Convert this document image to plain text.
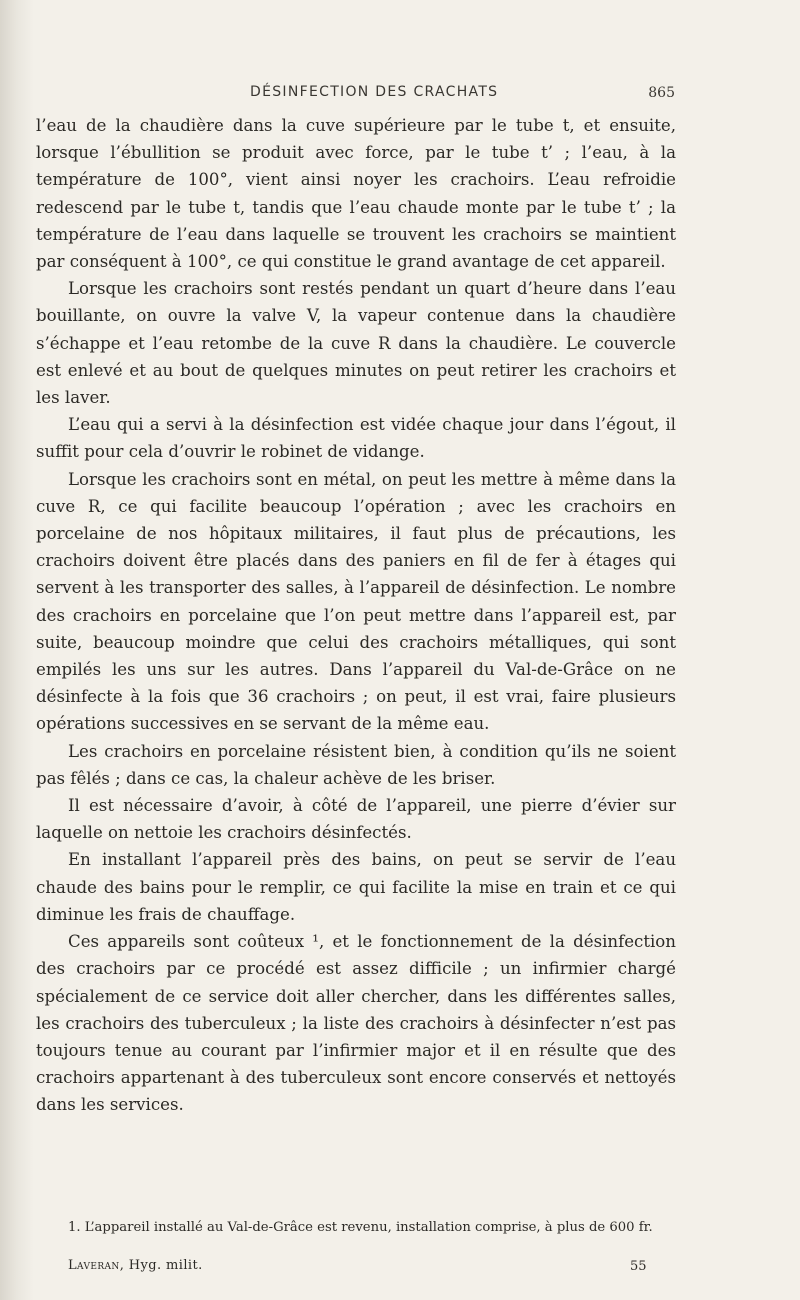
DÉSINFECTION DES CRACHATS	865

l’eau de la chaudière dans la cuve supérieure par le tube t, et ensuite, lorsque l’ébullition se produit avec force, par le tube t’ ; l’eau, à la température de 100°, vient ainsi noyer les crachoirs. L’eau refroidie redescend par le tube t, tandis que l’eau chaude monte par le tube t’ ; la température de l’eau dans laquelle se trouvent les crachoirs se maintient par conséquent à 100°, ce qui constitue le grand avantage de cet appareil.

Lorsque les crachoirs sont restés pendant un quart d’heure dans l’eau bouillante, on ouvre la valve V, la vapeur contenue dans la chaudière s’échappe et l’eau retombe de la cuve R dans la chaudière. Le couvercle est enlevé et au bout de quelques minutes on peut retirer les crachoirs et les laver.

L’eau qui a servi à la désinfection est vidée chaque jour dans l’égout, il suffit pour cela d’ouvrir le robinet de vidange.

Lorsque les crachoirs sont en métal, on peut les mettre à même dans la cuve R, ce qui facilite beaucoup l’opération ; avec les crachoirs en porcelaine de nos hôpitaux militaires, il faut plus de précautions, les crachoirs doivent être placés dans des paniers en fil de fer à étages qui servent à les transporter des salles, à l’appareil de désinfection. Le nombre des crachoirs en porcelaine que l’on peut mettre dans l’appareil est, par suite, beaucoup moindre que celui des crachoirs métalliques, qui sont empilés les uns sur les autres. Dans l’appareil du Val-de-Grâce on ne désinfecte à la fois que 36 crachoirs ; on peut, il est vrai, faire plusieurs opérations successives en se servant de la même eau.

Les crachoirs en porcelaine résistent bien, à condition qu’ils ne soient pas fêlés ; dans ce cas, la chaleur achève de les briser.

Il est nécessaire d’avoir, à côté de l’appareil, une pierre d’évier sur laquelle on nettoie les crachoirs désinfectés.

En installant l’appareil près des bains, on peut se servir de l’eau chaude des bains pour le remplir, ce qui facilite la mise en train et ce qui diminue les frais de chauffage.

Ces appareils sont coûteux ¹, et le fonctionnement de la désinfection des crachoirs par ce procédé est assez difficile ; un infirmier chargé spécialement de ce service doit aller chercher, dans les différentes salles, les crachoirs des tuberculeux ; la liste des crachoirs à désinfecter n’est pas toujours tenue au courant par l’infirmier major et il en résulte que des crachoirs appartenant à des tuberculeux sont encore conservés et nettoyés dans les services.

1. L’appareil installé au Val-de-Grâce est revenu, installation comprise, à plus de 600 fr.

Laveran, Hyg. milit.	55
